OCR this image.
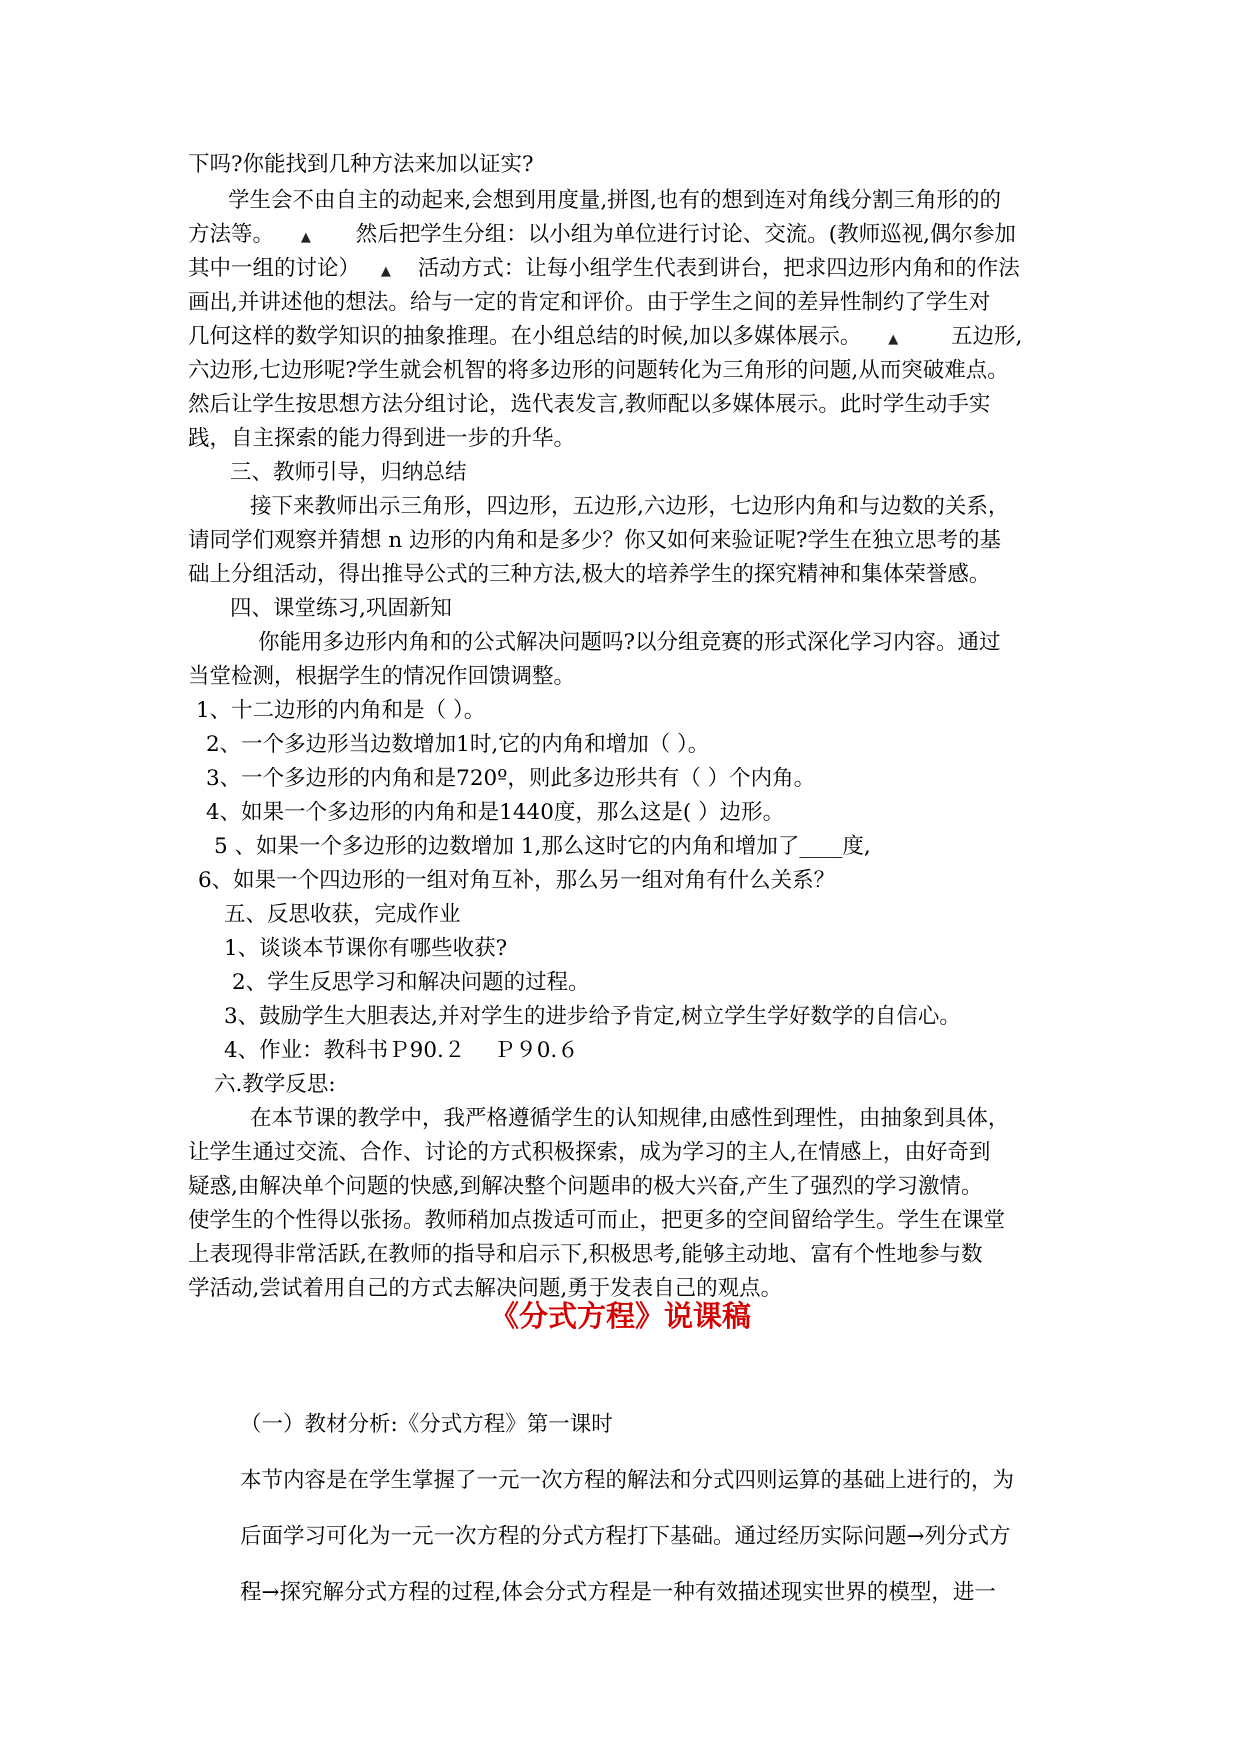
下吗?你能找到几种方法来加以证实?
学生会不由自主的动起来,会想到用度量,拼图,也有的想到连对角线分割三角形的的
方法等。 ▲ 然后把学生分组：以小组为单位进行讨论、交流。(教师巡视,偶尔参加
其中一组的讨论） ▲ 活动方式：让每小组学生代表到讲台，把求四边形内角和的作法
画出,并讲述他的想法。给与一定的肯定和评价。由于学生之间的差异性制约了学生对
几何这样的数学知识的抽象推理。在小组总结的时候,加以多媒体展示。 ▲ 五边形,
六边形,七边形呢?学生就会机智的将多边形的问题转化为三角形的问题,从而突破难点。
然后让学生按思想方法分组讨论，选代表发言,教师配以多媒体展示。此时学生动手实
践，自主探索的能力得到进一步的升华。
三、教师引导，归纳总结
接下来教师出示三角形，四边形，五边形,六边形，七边形内角和与边数的关系，
请同学们观察并猜想 n 边形的内角和是多少？你又如何来验证呢?学生在独立思考的基
础上分组活动，得出推导公式的三种方法,极大的培养学生的探究精神和集体荣誉感。
四、课堂练习,巩固新知
你能用多边形内角和的公式解决问题吗?以分组竞赛的形式深化学习内容。通过
当堂检测，根据学生的情况作回馈调整。
1、十二边形的内角和是（ ）。
2、一个多边形当边数增加1时,它的内角和增加（ ）。
3、一个多边形的内角和是720º，则此多边形共有（ ）个内角。
4、如果一个多边形的内角和是1440度，那么这是( ）边形。
5 、如果一个多边形的边数增加 1,那么这时它的内角和增加了____度,
6、如果一个四边形的一组对角互补，那么另一组对角有什么关系？
五、反思收获，完成作业
1、谈谈本节课你有哪些收获?
2、学生反思学习和解决问题的过程。
3、鼓励学生大胆表达,并对学生的进步给予肯定,树立学生学好数学的自信心。
4、作业：教科书Ｐ90.２　 Ｐ９0.６
六.教学反思:
在本节课的教学中，我严格遵循学生的认知规律,由感性到理性，由抽象到具体，
让学生通过交流、合作、讨论的方式积极探索，成为学习的主人,在情感上，由好奇到
疑惑,由解决单个问题的快感,到解决整个问题串的极大兴奋,产生了强烈的学习激情。
使学生的个性得以张扬。教师稍加点拨适可而止，把更多的空间留给学生。学生在课堂
上表现得非常活跃,在教师的指导和启示下,积极思考,能够主动地、富有个性地参与数
学活动,尝试着用自己的方式去解决问题,勇于发表自己的观点。
《分式方程》说课稿
（一）教材分析:《分式方程》第一课时
本节内容是在学生掌握了一元一次方程的解法和分式四则运算的基础上进行的，为
后面学习可化为一元一次方程的分式方程打下基础。通过经历实际问题→列分式方
程→探究解分式方程的过程,体会分式方程是一种有效描述现实世界的模型，进一
